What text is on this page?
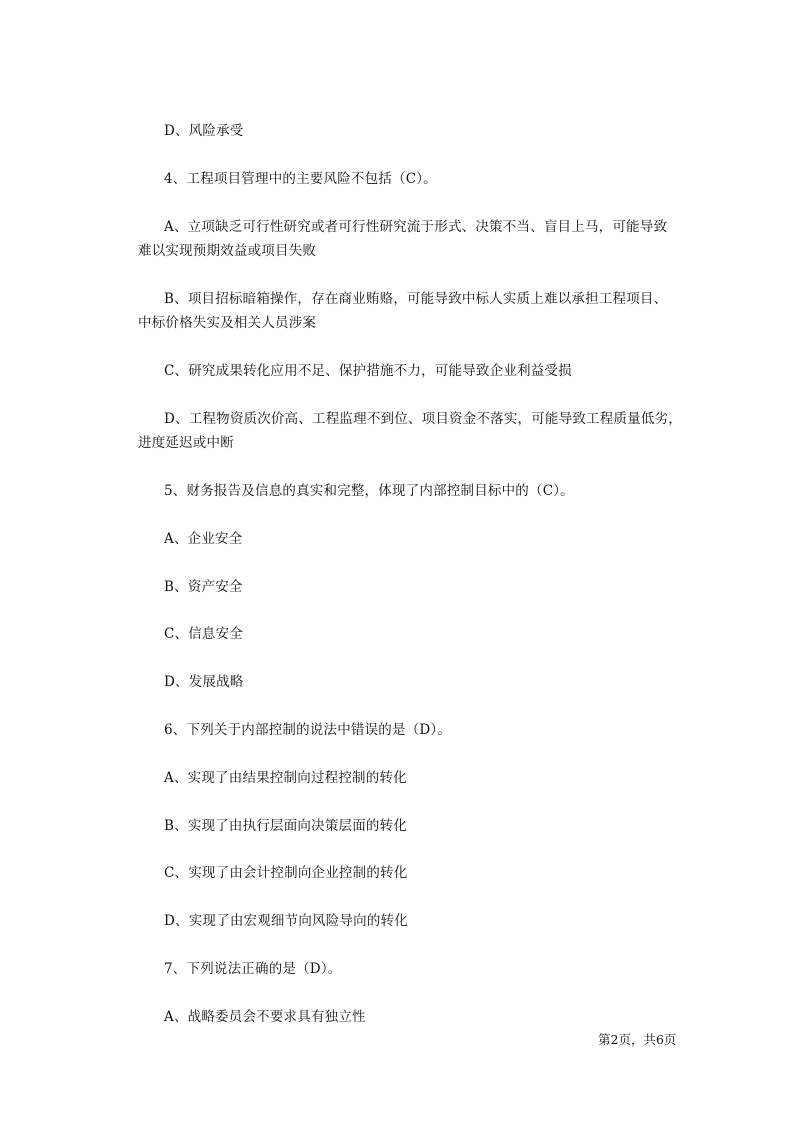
D、风险承受
4、工程项目管理中的主要风险不包括（C）。
A、立项缺乏可行性研究或者可行性研究流于形式、决策不当、盲目上马，可能导致
难以实现预期效益或项目失败
B、项目招标暗箱操作，存在商业贿赂，可能导致中标人实质上难以承担工程项目、
中标价格失实及相关人员涉案
C、研究成果转化应用不足、保护措施不力，可能导致企业利益受损
D、工程物资质次价高、工程监理不到位、项目资金不落实，可能导致工程质量低劣，
进度延迟或中断
5、财务报告及信息的真实和完整，体现了内部控制目标中的（C）。
A、企业安全
B、资产安全
C、信息安全
D、发展战略
6、下列关于内部控制的说法中错误的是（D）。
A、实现了由结果控制向过程控制的转化
B、实现了由执行层面向决策层面的转化
C、实现了由会计控制向企业控制的转化
D、实现了由宏观细节向风险导向的转化
7、下列说法正确的是（D）。
A、战略委员会不要求具有独立性
第2页，共6页
